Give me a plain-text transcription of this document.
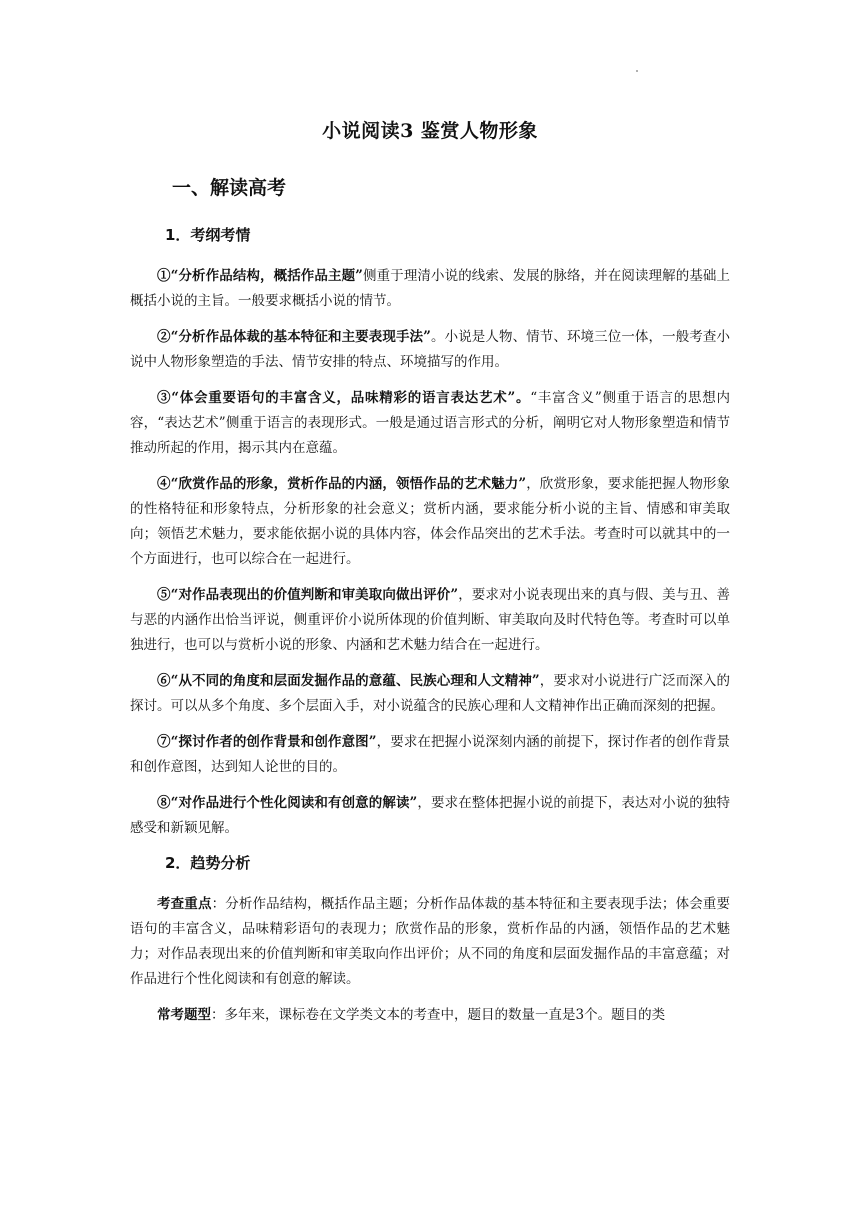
小说阅读3 鉴赏人物形象
一、解读高考
1．考纲考情

①“分析作品结构，概括作品主题”侧重于理清小说的线索、发展的脉络，并在阅读理解的基础上概括小说的主旨。一般要求概括小说的情节。

②“分析作品体裁的基本特征和主要表现手法”。小说是人物、情节、环境三位一体，一般考查小说中人物形象塑造的手法、情节安排的特点、环境描写的作用。

③“体会重要语句的丰富含义，品味精彩的语言表达艺术”。“丰富含义”侧重于语言的思想内容，“表达艺术”侧重于语言的表现形式。一般是通过语言形式的分析，阐明它对人物形象塑造和情节推动所起的作用，揭示其内在意蕴。

④“欣赏作品的形象，赏析作品的内涵，领悟作品的艺术魅力”，欣赏形象，要求能把握人物形象的性格特征和形象特点，分析形象的社会意义；赏析内涵，要求能分析小说的主旨、情感和审美取向；领悟艺术魅力，要求能依据小说的具体内容，体会作品突出的艺术手法。考查时可以就其中的一个方面进行，也可以综合在一起进行。

⑤“对作品表现出的价值判断和审美取向做出评价”，要求对小说表现出来的真与假、美与丑、善与恶的内涵作出恰当评说，侧重评价小说所体现的价值判断、审美取向及时代特色等。考查时可以单独进行，也可以与赏析小说的形象、内涵和艺术魅力结合在一起进行。

⑥“从不同的角度和层面发掘作品的意蕴、民族心理和人文精神”，要求对小说进行广泛而深入的探讨。可以从多个角度、多个层面入手，对小说蕴含的民族心理和人文精神作出正确而深刻的把握。

⑦“探讨作者的创作背景和创作意图”，要求在把握小说深刻内涵的前提下，探讨作者的创作背景和创作意图，达到知人论世的目的。

⑧“对作品进行个性化阅读和有创意的解读”，要求在整体把握小说的前提下，表达对小说的独特感受和新颖见解。

2．趋势分析

考查重点：分析作品结构，概括作品主题；分析作品体裁的基本特征和主要表现手法；体会重要语句的丰富含义，品味精彩语句的表现力；欣赏作品的形象，赏析作品的内涵，领悟作品的艺术魅力；对作品表现出来的价值判断和审美取向作出评价；从不同的角度和层面发掘作品的丰富意蕴；对作品进行个性化阅读和有创意的解读。

常考题型：多年来，课标卷在文学类文本的考查中，题目的数量一直是3个。题目的类
